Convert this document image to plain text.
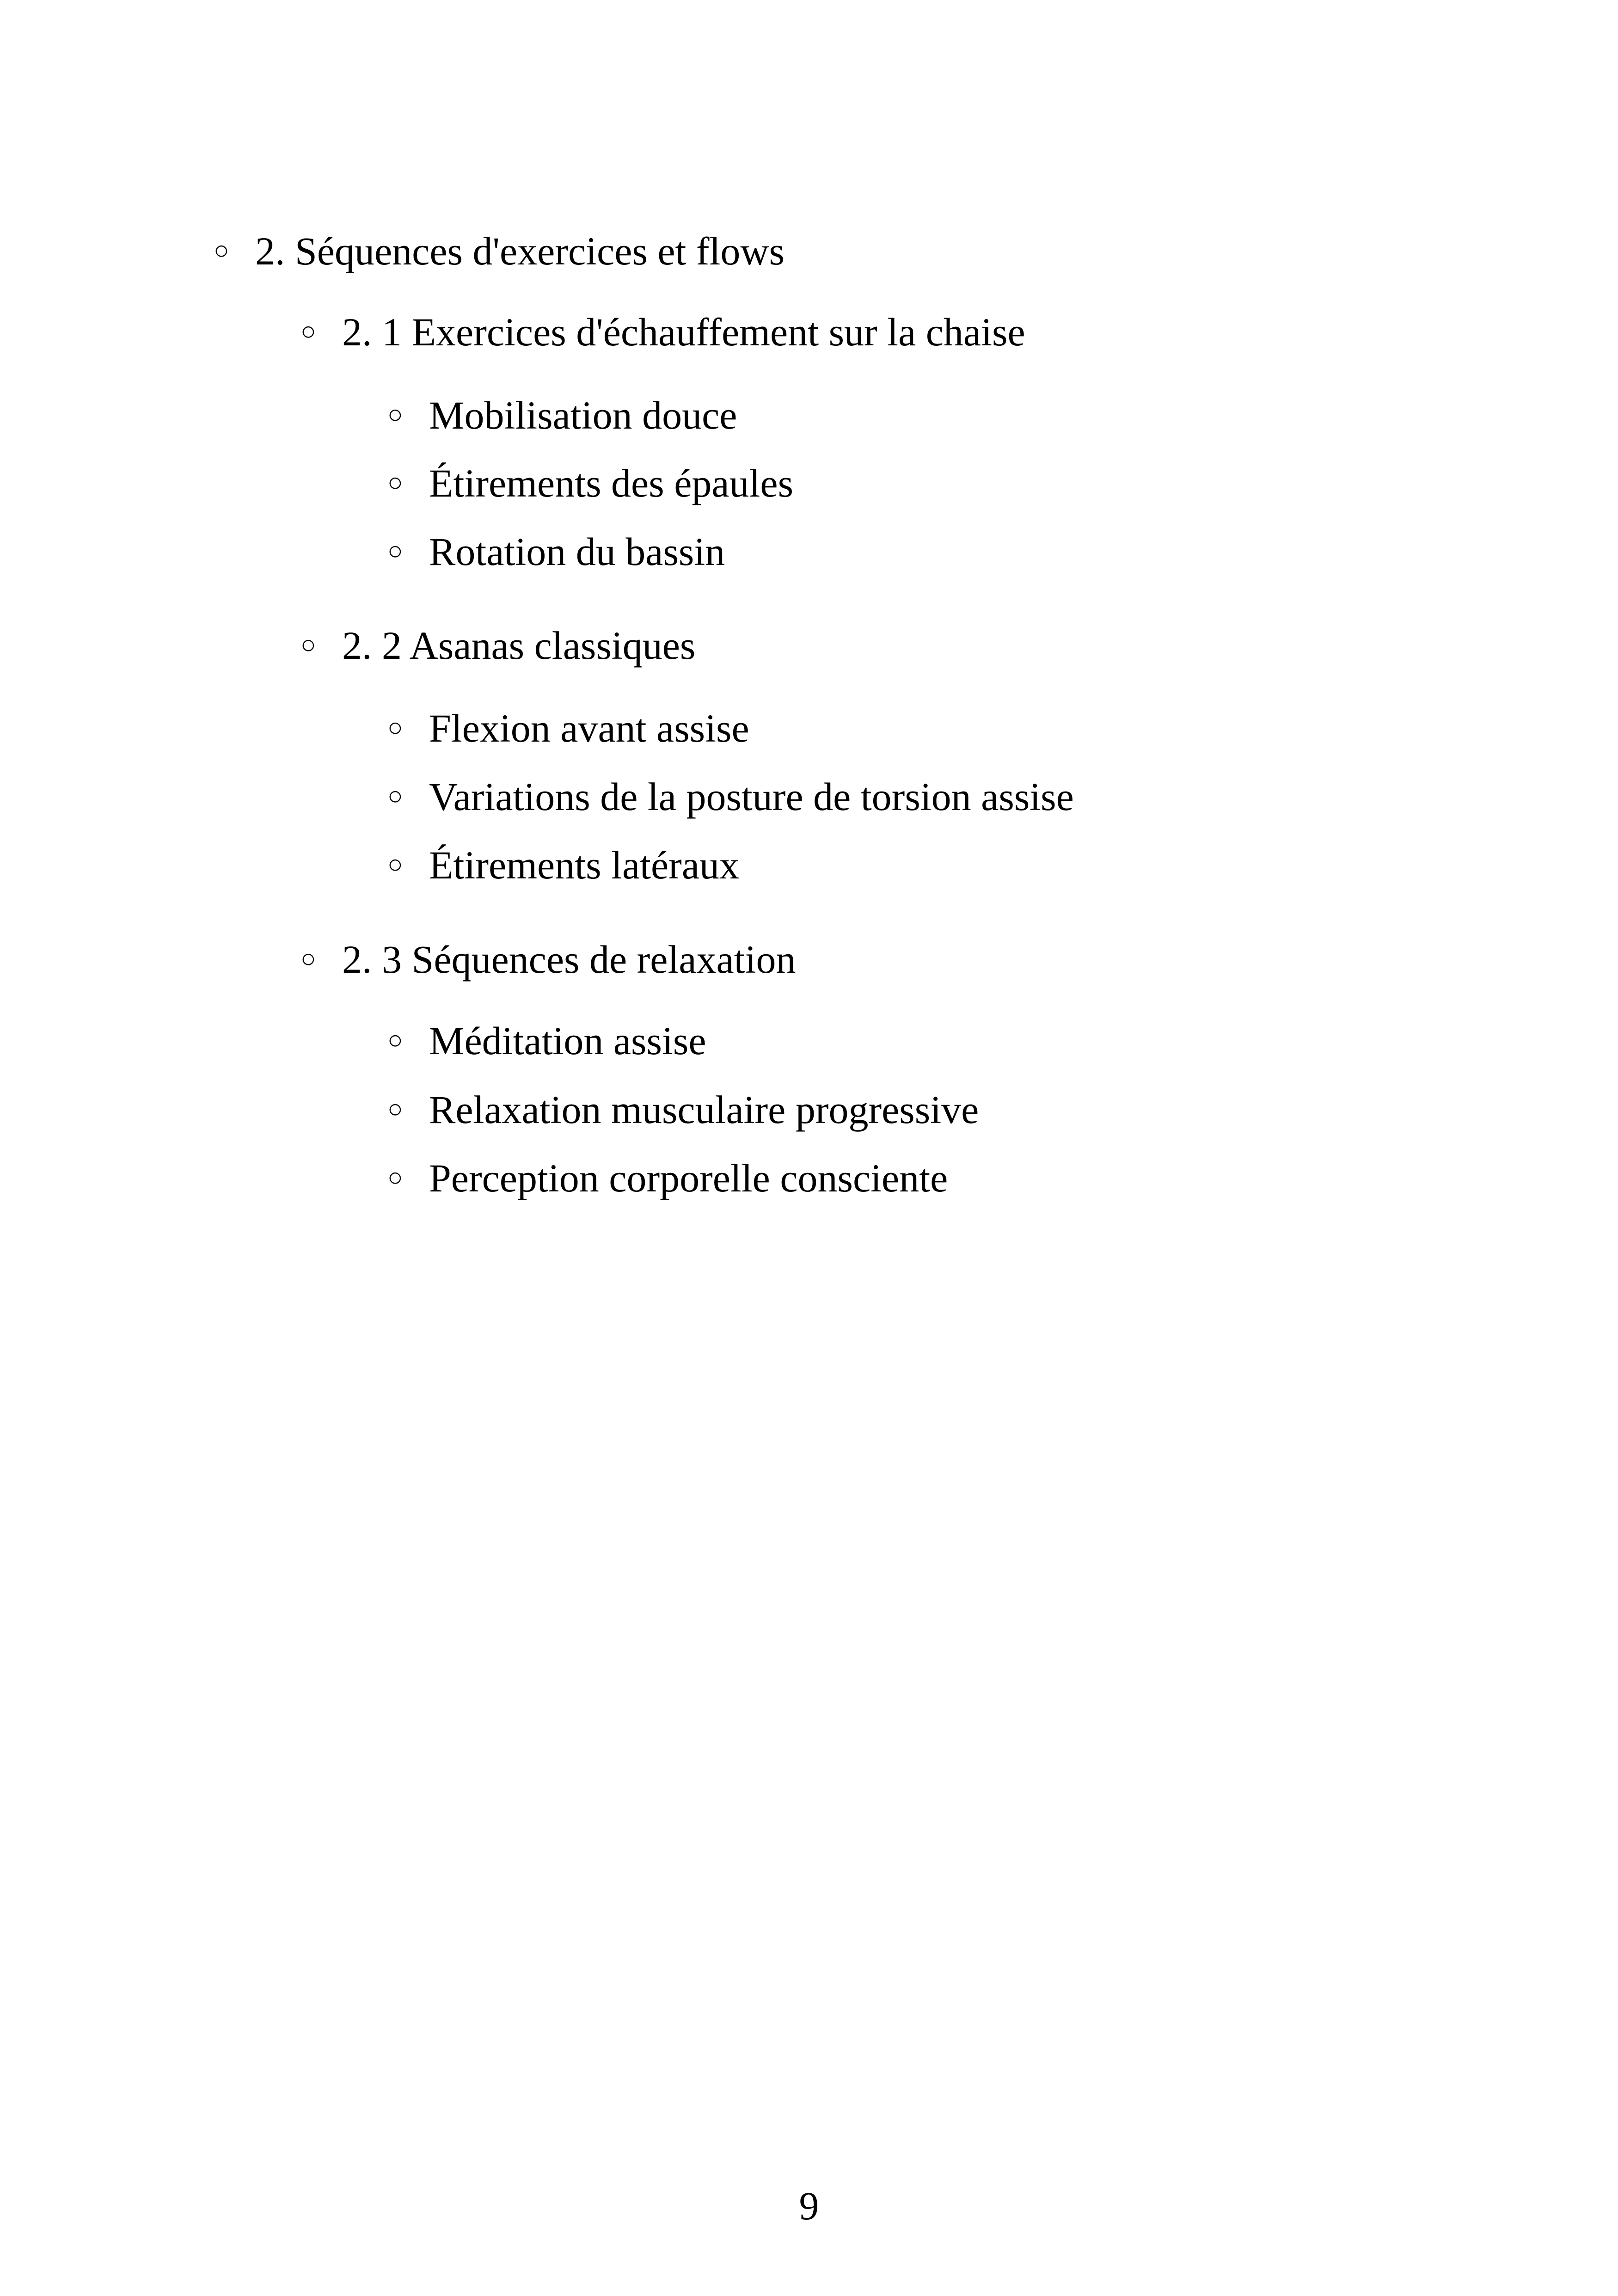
○ 2. Séquences d'exercices et flows
○ 2. 1 Exercices d'échauffement sur la chaise
○ Mobilisation douce
○ Étirements des épaules
○ Rotation du bassin
○ 2. 2 Asanas classiques
○ Flexion avant assise
○ Variations de la posture de torsion assise
○ Étirements latéraux
○ 2. 3 Séquences de relaxation
○ Méditation assise
○ Relaxation musculaire progressive
○ Perception corporelle consciente
9
